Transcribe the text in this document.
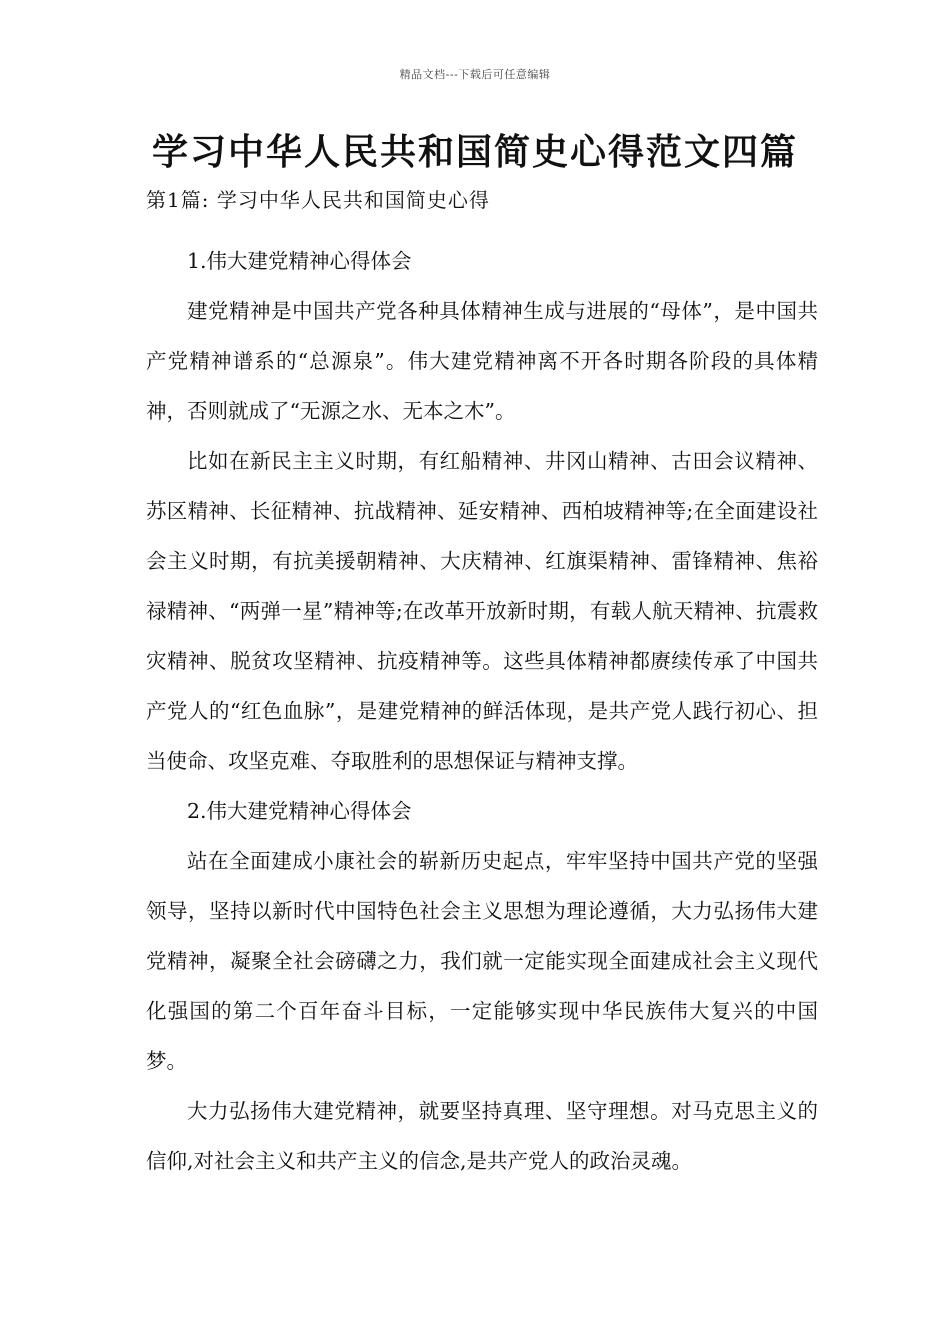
精品文档---下载后可任意编辑
学习中华人民共和国简史心得范文四篇
第1篇: 学习中华人民共和国简史心得

1.伟大建党精神心得体会

建党精神是中国共产党各种具体精神生成与进展的“母体”，是中国共产党精神谱系的“总源泉”。伟大建党精神离不开各时期各阶段的具体精神，否则就成了“无源之水、无本之木”。

比如在新民主主义时期，有红船精神、井冈山精神、古田会议精神、苏区精神、长征精神、抗战精神、延安精神、西柏坡精神等;在全面建设社会主义时期，有抗美援朝精神、大庆精神、红旗渠精神、雷锋精神、焦裕禄精神、“两弹一星”精神等;在改革开放新时期，有载人航天精神、抗震救灾精神、脱贫攻坚精神、抗疫精神等。这些具体精神都赓续传承了中国共产党人的“红色血脉”，是建党精神的鲜活体现，是共产党人践行初心、担当使命、攻坚克难、夺取胜利的思想保证与精神支撑。

2.伟大建党精神心得体会

站在全面建成小康社会的崭新历史起点，牢牢坚持中国共产党的坚强领导，坚持以新时代中国特色社会主义思想为理论遵循，大力弘扬伟大建党精神，凝聚全社会磅礴之力，我们就一定能实现全面建成社会主义现代化强国的第二个百年奋斗目标，一定能够实现中华民族伟大复兴的中国梦。

大力弘扬伟大建党精神，就要坚持真理、坚守理想。对马克思主义的信仰,对社会主义和共产主义的信念,是共产党人的政治灵魂。
